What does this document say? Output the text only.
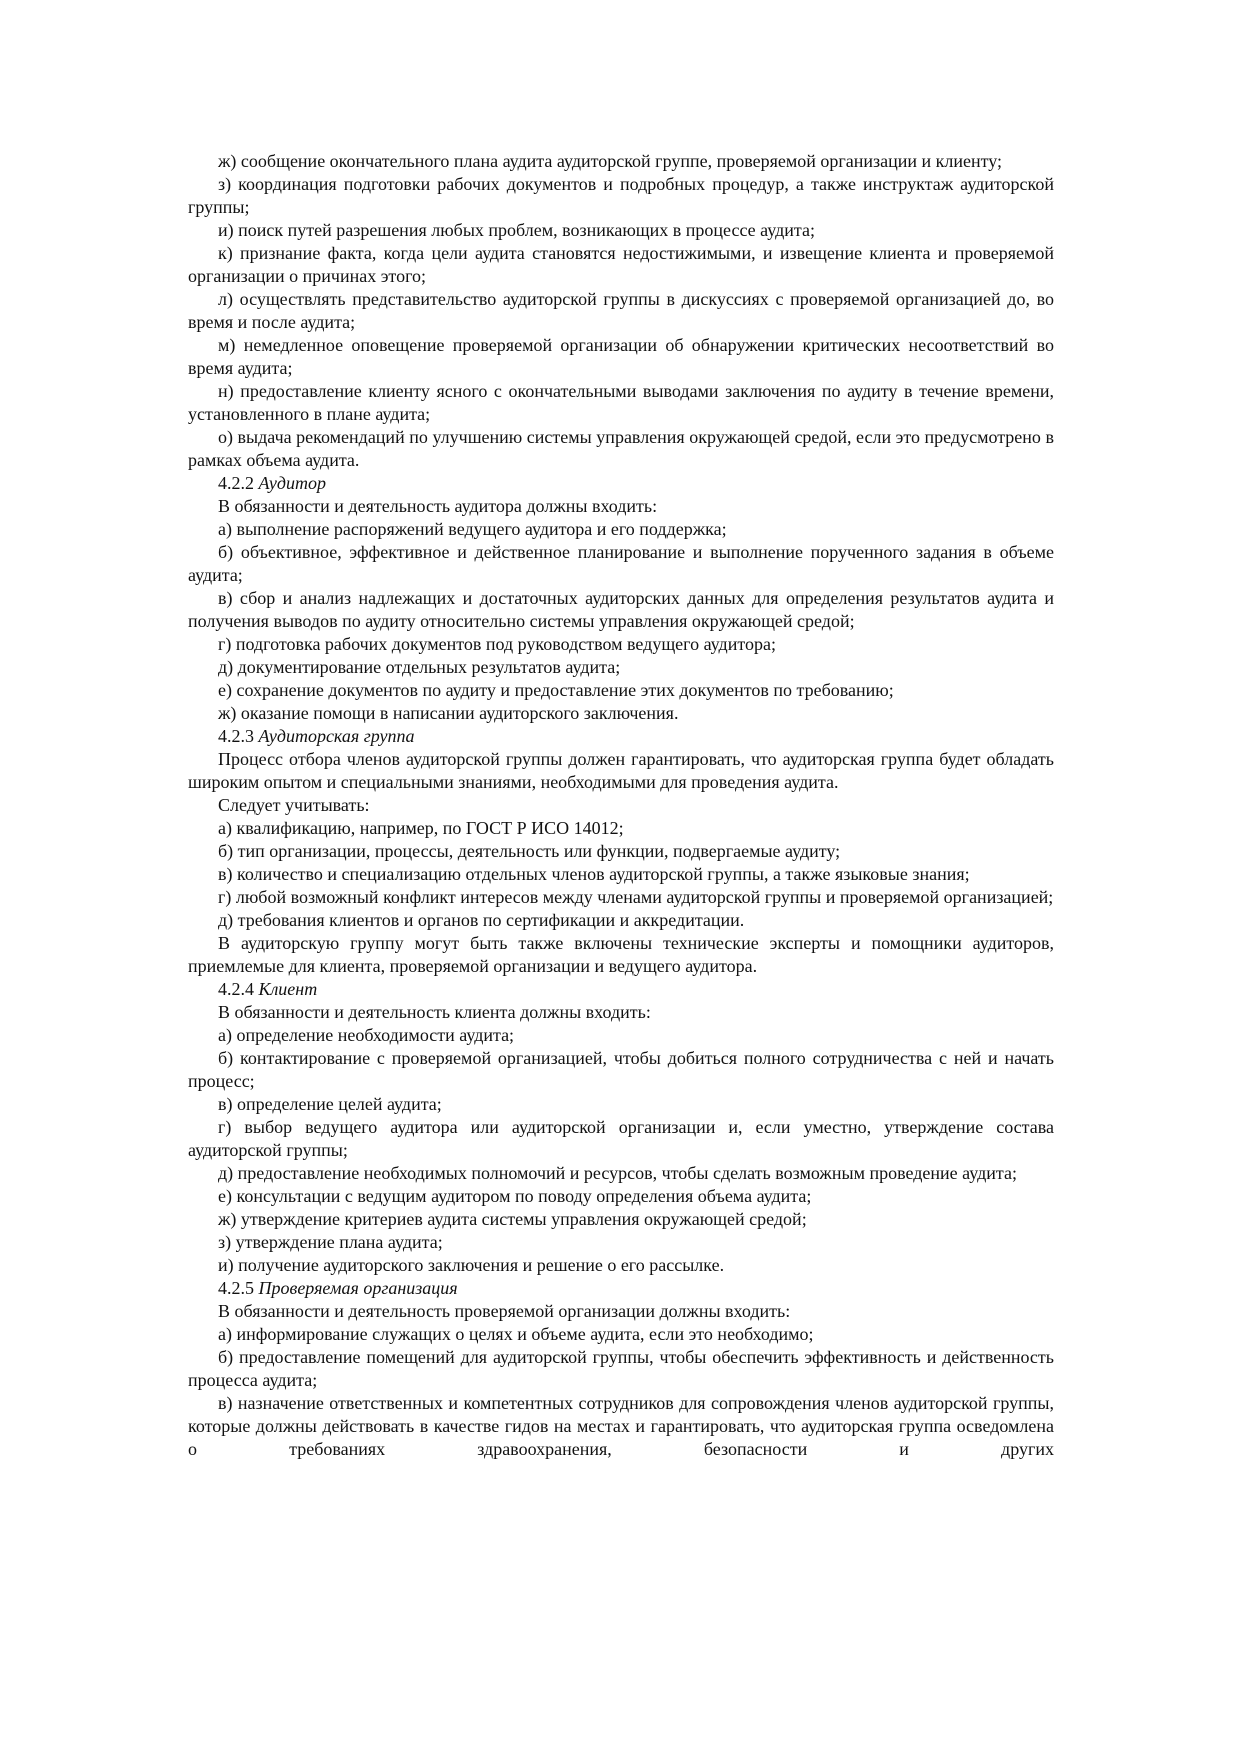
ж) сообщение окончательного плана аудита аудиторской группе, проверяемой организации и клиенту;

з) координация подготовки рабочих документов и подробных процедур, а также инструктаж аудиторской группы;

и) поиск путей разрешения любых проблем, возникающих в процессе аудита;

к) признание факта, когда цели аудита становятся недостижимыми, и извещение клиента и проверяемой организации о причинах этого;

л) осуществлять представительство аудиторской группы в дискуссиях с проверяемой организацией до, во время и после аудита;

м) немедленное оповещение проверяемой организации об обнаружении критических несоответствий во время аудита;

н) предоставление клиенту ясного с окончательными выводами заключения по аудиту в течение времени, установленного в плане аудита;

о) выдача рекомендаций по улучшению системы управления окружающей средой, если это предусмотрено в рамках объема аудита.

4.2.2 Аудитор

В обязанности и деятельность аудитора должны входить:

а) выполнение распоряжений ведущего аудитора и его поддержка;

б) объективное, эффективное и действенное планирование и выполнение порученного задания в объеме аудита;

в) сбор и анализ надлежащих и достаточных аудиторских данных для определения результатов аудита и получения выводов по аудиту относительно системы управления окружающей средой;

г) подготовка рабочих документов под руководством ведущего аудитора;

д) документирование отдельных результатов аудита;

е) сохранение документов по аудиту и предоставление этих документов по требованию;

ж) оказание помощи в написании аудиторского заключения.

4.2.3 Аудиторская группа

Процесс отбора членов аудиторской группы должен гарантировать, что аудиторская группа будет обладать широким опытом и специальными знаниями, необходимыми для проведения аудита.

Следует учитывать:

а) квалификацию, например, по ГОСТ Р ИСО 14012;

б) тип организации, процессы, деятельность или функции, подвергаемые аудиту;

в) количество и специализацию отдельных членов аудиторской группы, а также языковые знания;

г) любой возможный конфликт интересов между членами аудиторской группы и проверяемой организацией;

д) требования клиентов и органов по сертификации и аккредитации.

В аудиторскую группу могут быть также включены технические эксперты и помощники аудиторов, приемлемые для клиента, проверяемой организации и ведущего аудитора.

4.2.4 Клиент

В обязанности и деятельность клиента должны входить:

а) определение необходимости аудита;

б) контактирование с проверяемой организацией, чтобы добиться полного сотрудничества с ней и начать процесс;

в) определение целей аудита;

г) выбор ведущего аудитора или аудиторской организации и, если уместно, утверждение состава аудиторской группы;

д) предоставление необходимых полномочий и ресурсов, чтобы сделать возможным проведение аудита;

е) консультации с ведущим аудитором по поводу определения объема аудита;

ж) утверждение критериев аудита системы управления окружающей средой;

з) утверждение плана аудита;

и) получение аудиторского заключения и решение о его рассылке.

4.2.5 Проверяемая организация

В обязанности и деятельность проверяемой организации должны входить:

а) информирование служащих о целях и объеме аудита, если это необходимо;

б) предоставление помещений для аудиторской группы, чтобы обеспечить эффективность и действенность процесса аудита;

в) назначение ответственных и компетентных сотрудников для сопровождения членов аудиторской группы, которые должны действовать в качестве гидов на местах и гарантировать, что аудиторская группа осведомлена о требованиях здравоохранения, безопасности и других
